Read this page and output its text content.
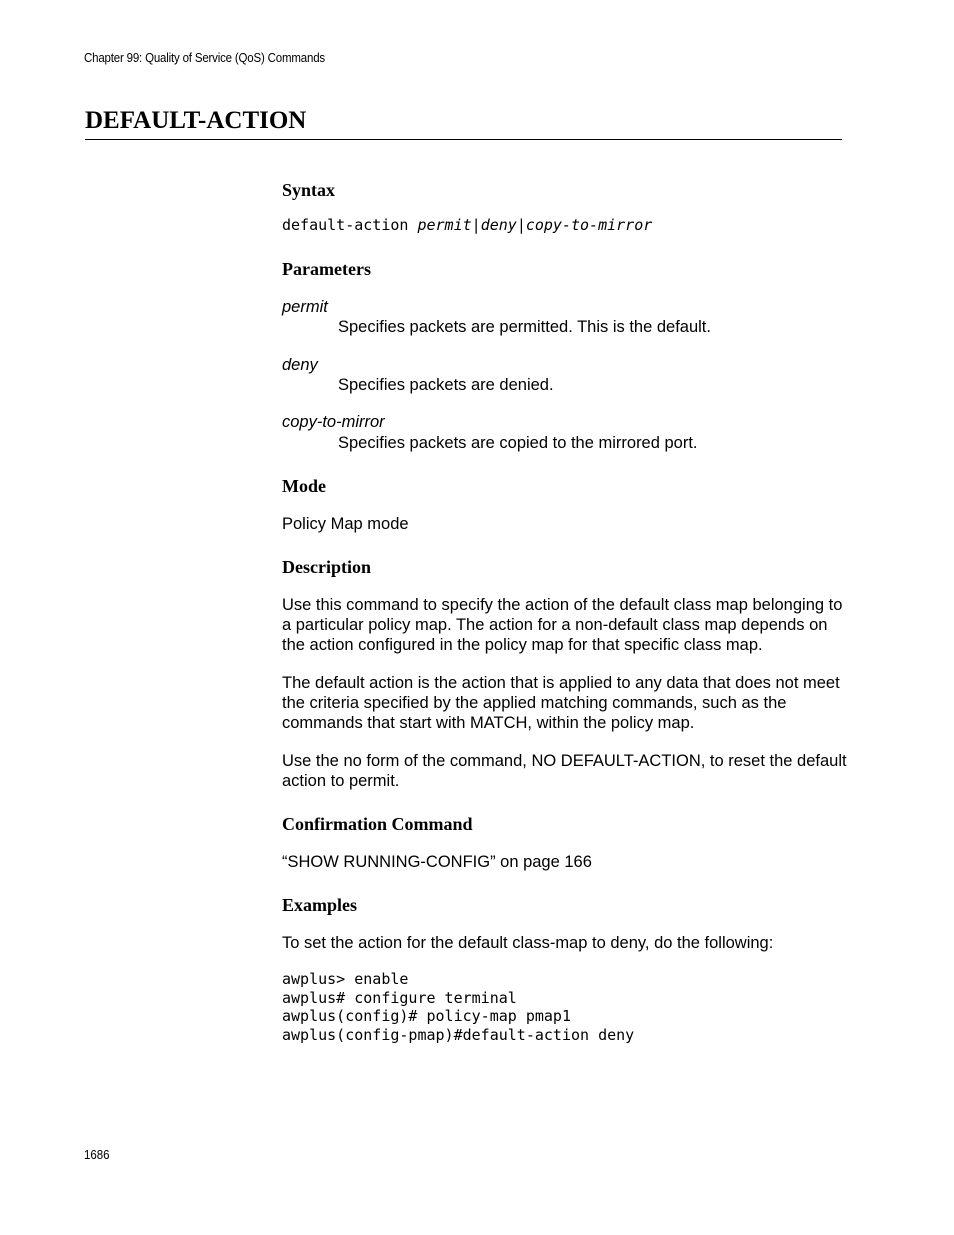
Chapter 99: Quality of Service (QoS) Commands
DEFAULT-ACTION
Syntax
default-action permit|deny|copy-to-mirror
Parameters
permit
Specifies packets are permitted. This is the default.
deny
Specifies packets are denied.
copy-to-mirror
Specifies packets are copied to the mirrored port.
Mode

Policy Map mode

Description

Use this command to specify the action of the default class map belonging to a particular policy map. The action for a non-default class map depends on the action configured in the policy map for that specific class map.

The default action is the action that is applied to any data that does not meet the criteria specified by the applied matching commands, such as the commands that start with MATCH, within the policy map.

Use the no form of the command, NO DEFAULT-ACTION, to reset the default action to permit.

Confirmation Command

“SHOW RUNNING-CONFIG” on page 166

Examples

To set the action for the default class-map to deny, do the following:

awplus> enable
awplus# configure terminal
awplus(config)# policy-map pmap1
awplus(config-pmap)#default-action deny
1686
